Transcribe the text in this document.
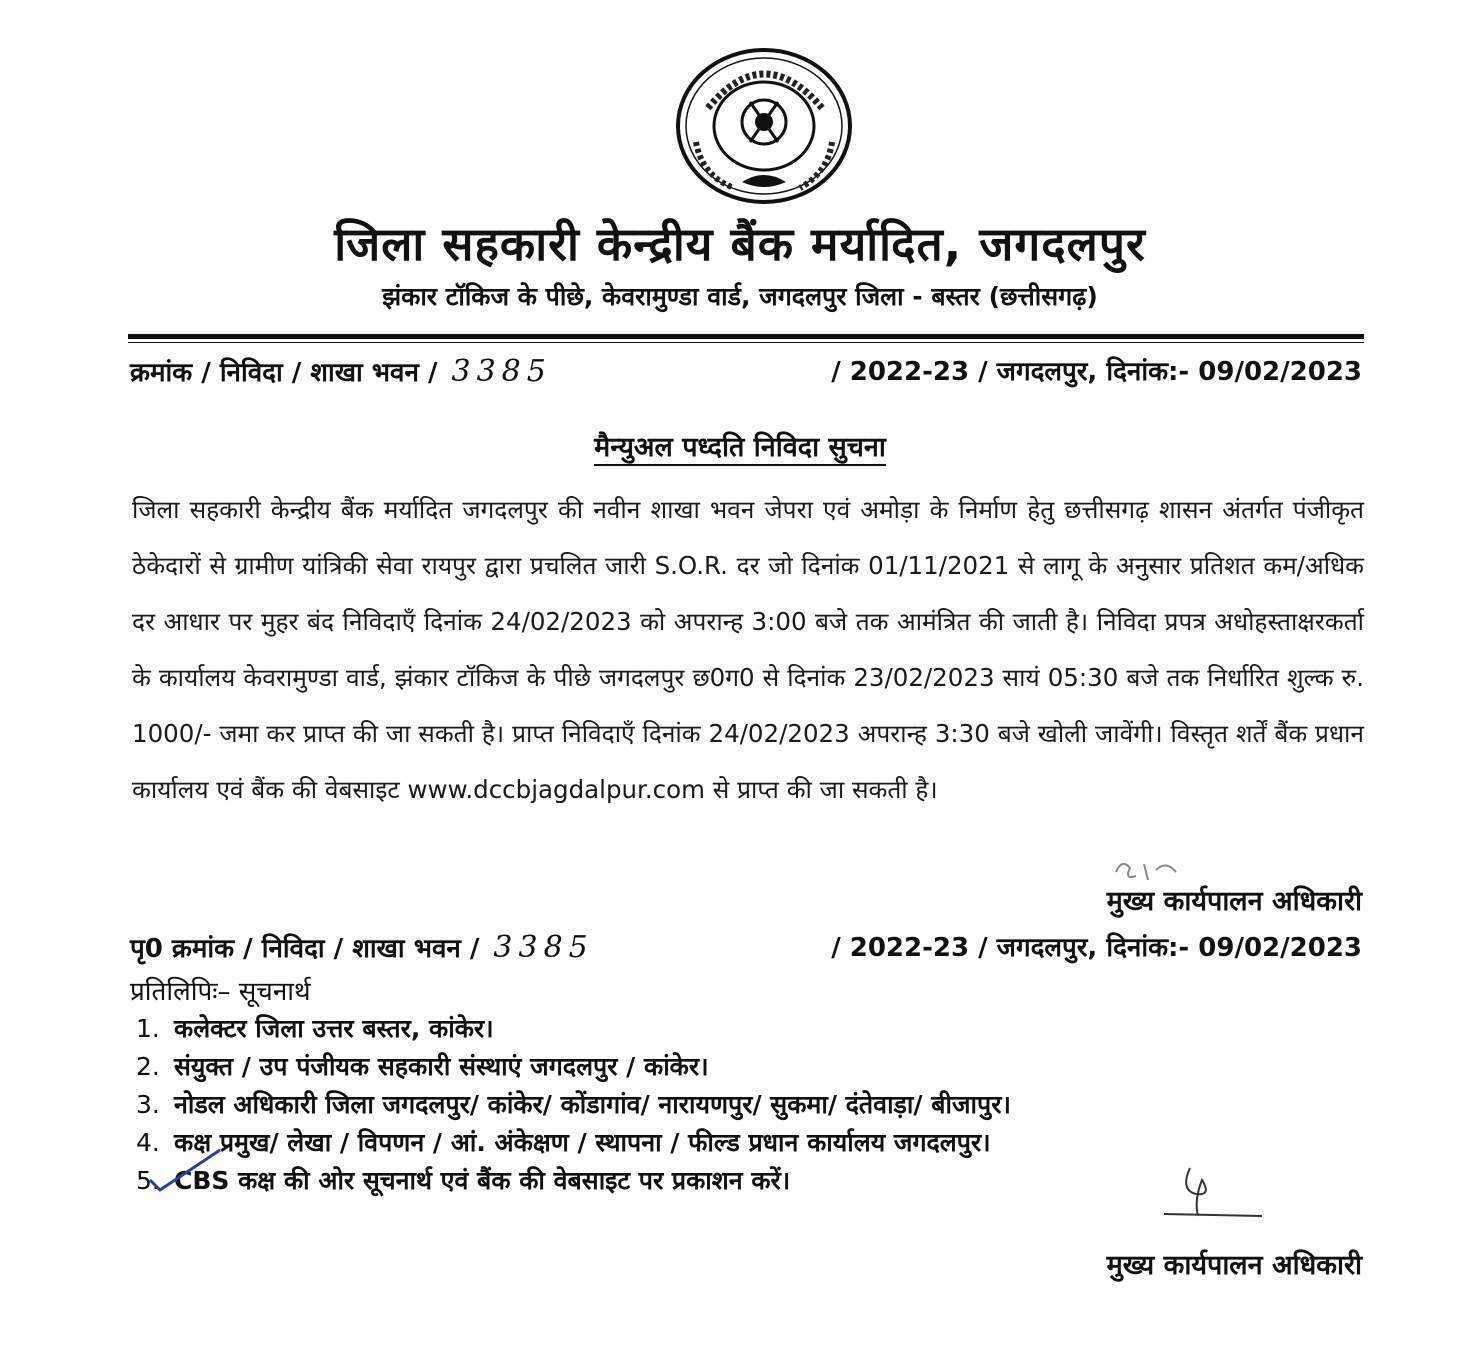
जिला सहकारी केन्द्रीय बैंक मर्यादित, जगदलपुर
झंकार टॉकिज के पीछे, केवरामुण्डा वार्ड, जगदलपुर जिला - बस्तर (छत्तीसगढ़)
क्रमांक / निविदा / शाखा भवन / 3385	/ 2022-23 / जगदलपुर, दिनांक:- 09/02/2023
मैन्युअल पध्दति निविदा सुचना
जिला सहकारी केन्द्रीय बैंक मर्यादित जगदलपुर की नवीन शाखा भवन जेपरा एवं अमोड़ा के निर्माण हेतु छत्तीसगढ़ शासन अंतर्गत पंजीकृत ठेकेदारों से ग्रामीण यांत्रिकी सेवा रायपुर द्वारा प्रचलित जारी S.O.R. दर जो दिनांक 01/11/2021 से लागू के अनुसार प्रतिशत कम/अधिक दर आधार पर मुहर बंद निविदाएँ दिनांक 24/02/2023 को अपरान्ह 3:00 बजे तक आमंत्रित की जाती है। निविदा प्रपत्र अधोहस्ताक्षरकर्ता के कार्यालय केवरामुण्डा वार्ड, झंकार टॉकिज के पीछे जगदलपुर छ0ग0 से दिनांक 23/02/2023 सायं 05:30 बजे तक निर्धारित शुल्क रु. 1000/- जमा कर प्राप्त की जा सकती है। प्राप्त निविदाएँ दिनांक 24/02/2023 अपरान्ह 3:30 बजे खोली जावेंगी। विस्तृत शर्तें बैंक प्रधान कार्यालय एवं बैंक की वेबसाइट www.dccbjagdalpur.com से प्राप्त की जा सकती है।
मुख्य कार्यपालन अधिकारी
पृ0 क्रमांक / निविदा / शाखा भवन / 3385	/ 2022-23 / जगदलपुर, दिनांक:- 09/02/2023
प्रतिलिपिः– सूचनार्थ
1. कलेक्टर जिला उत्तर बस्तर, कांकेर।
2. संयुक्त / उप पंजीयक सहकारी संस्थाएं जगदलपुर / कांकेर।
3. नोडल अधिकारी जिला जगदलपुर/ कांकेर/ कोंडागांव/ नारायणपुर/ सुकमा/ दंतेवाड़ा/ बीजापुर।
4. कक्ष प्रमुख/ लेखा / विपणन / आं. अंकेक्षण / स्थापना / फील्ड प्रधान कार्यालय जगदलपुर।
5. CBS कक्ष की ओर सूचनार्थ एवं बैंक की वेबसाइट पर प्रकाशन करें।
मुख्य कार्यपालन अधिकारी
